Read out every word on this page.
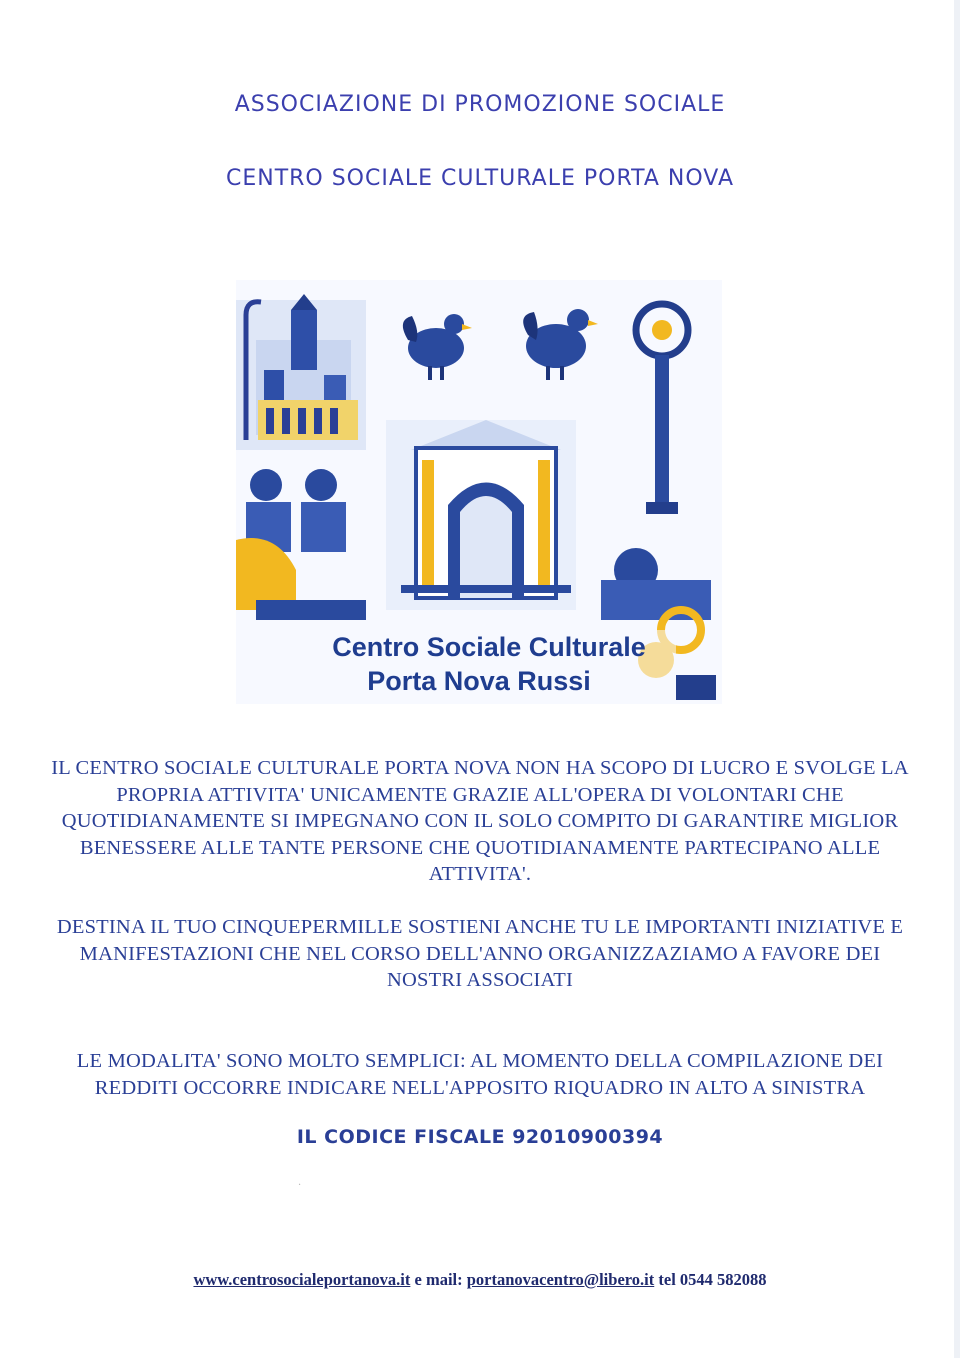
ASSOCIAZIONE DI PROMOZIONE SOCIALE
CENTRO SOCIALE CULTURALE PORTA NOVA
Centro Sociale Culturale
Porta Nova Russi

IL CENTRO SOCIALE CULTURALE PORTA NOVA NON HA SCOPO DI LUCRO E SVOLGE LA PROPRIA ATTIVITA' UNICAMENTE GRAZIE ALL'OPERA DI VOLONTARI CHE QUOTIDIANAMENTE SI IMPEGNANO CON IL SOLO COMPITO DI GARANTIRE MIGLIOR BENESSERE ALLE TANTE PERSONE CHE QUOTIDIANAMENTE PARTECIPANO ALLE ATTIVITA'.

DESTINA IL TUO CINQUEPERMILLE SOSTIENI ANCHE TU LE IMPORTANTI INIZIATIVE E MANIFESTAZIONI CHE NEL CORSO DELL'ANNO ORGANIZZAZIAMO A FAVORE DEI NOSTRI ASSOCIATI

LE MODALITA' SONO MOLTO SEMPLICI: AL MOMENTO DELLA COMPILAZIONE DEI REDDITI OCCORRE INDICARE NELL'APPOSITO RIQUADRO IN ALTO A SINISTRA

IL CODICE FISCALE 92010900394
·
www.centrosocialeportanova.it e mail: portanovacentro@libero.it tel 0544 582088
